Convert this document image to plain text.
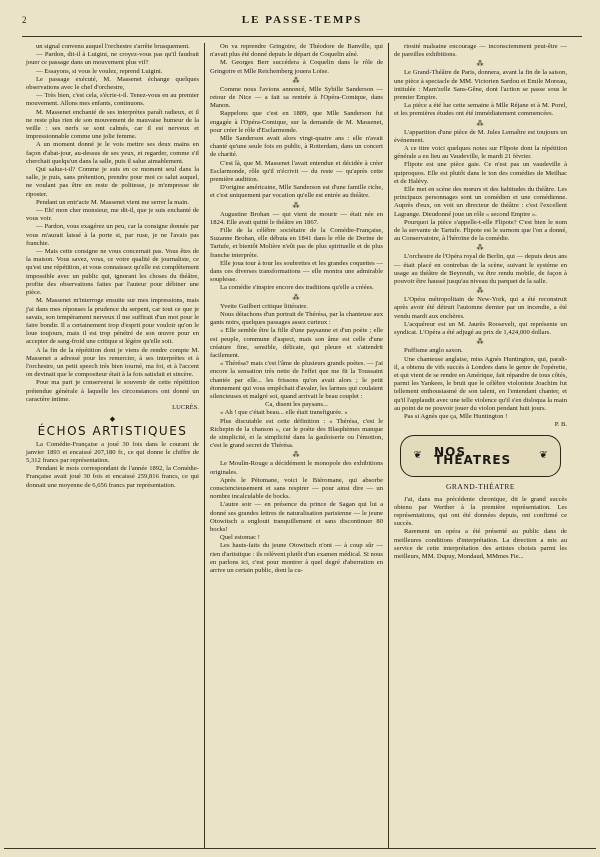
2	LE PASSE-TEMPS

un signal convenu auquel l'orchestre s'arrête brusquement.

— Pardon, dit-il à Luigini, ne croyez-vous pas qu'il faudrait jouer ce passage dans un mouvement plus vif?

— Essayons, si vous le voulez, reprend Luigini.

Le passage exécuté, M. Massenet échange quelques observations avec le chef d'orchestre,

— Très bien, c'est cela, s'écrie-t-il. Tenez-vous en au premier mouvement. Allons mes enfants, continuons.

M. Massenet enchanté de ses interprètes paraît radieux, et il ne reste plus rien de son mouvement de mauvaise humeur de la veille : ses nerfs se sont calmés, car il est nerveux et impressionnable comme une jolie femme.

A un moment donné je le vois mettre ses deux mains en façon d'abat-jour, au-dessus de ses yeux, et regarder, comme s'il cherchait quelqu'un dans la salle, puis il salue aimablement.

Qui salue-t-il? Comme je suis en ce moment seul dans la salle, je puis, sans prétention, prendre pour moi ce salut auquel, ne voulant pas être en reste de politesse, je m'empresse de riposter.

Pendant un entr'acte M. Massenet vient me serrer la main.

— Eh! mon cher monsieur, me dit-il, que je suis enchanté de vous voir.

— Pardon, vous exagérez un peu, car la consigne donnée par vous m'aurait laissé à la porte si, par ruse, je ne l'avais pas franchie.

— Mais cette consigne ne vous concernait pas. Vous êtes de la maison. Vous savez, vous, ce votre qualité de journaliste, ce qu'est une répétition, et vous connaissez qu'elle est complètement impossible avec un public qui, ignorant les choses du théâtre, profite des observations faites par l'auteur pour débiner une pièce.

M. Massenet m'interroge ensuite sur mes impressions, mais j'ai dans mes réponses la prudence du serpent, car tout ce que je savais, son tempérament nerveux il me suffirait d'un mot pour le faire bondir. Il a certainement trop d'esprit pour vouloir qu'on le loue toujours, mais il est trop pénétré de son œuvre pour en accepter de sang-froid une critique si légère qu'elle soit.

A la fin de la répétition dont je viens de rendre compte M. Massenet a adressé pour les remercier, à ses interprètes et à l'orchestre, un petit speech très bien tourné, ma foi, et à l'accent on devinait que le compositeur était à la fois satisfait et sincère.

Pour ma part je conserverai le souvenir de cette répétition prétendue générale à laquelle les circonstances ont donné un caractère intime.

LUCRÈS.
◆
ÉCHOS ARTISTIQUES

La Comédie-Française a joué 30 fois dans le courant de janvier 1893 et encaissé 207,180 fr., ce qui donne le chiffre de 5,312 francs par représentation.

Pendant le mois correspondant de l'année 1892, la Comédie-Française avait joué 30 fois et encaissé 259,816 francs, ce qui donnait une moyenne de 6,656 francs par représentation.

On va reprendre Gringoire, de Théodore de Banville, qui n'avait plus été donné depuis le départ de Coquelin aîné.

M. Georges Berr succédera à Coquelin dans le rôle de Gringoire et Mlle Reichemberg jouera Loïse.

⁂

Comme nous l'avions annoncé, Mlle Sybille Sanderson — retour de Nice — a fait sa rentrée à l'Opéra-Comique, dans Manon.

Rappelons que c'est en 1889, que Mlle Sanderson fut engagée à l'Opéra-Comique, sur la demande de M. Massenet, pour créer le rôle d'Esclarmonde.

Mlle Sanderson avait alors vingt-quatre ans : elle n'avait chanté qu'une seule fois en public, à Rotterdam, dans un concert de charité.

C'est là, que M. Massenet l'avait entendue et décidée à créer Esclarmonde, rôle qu'il n'écrivit — du reste — qu'après cette première audition.

D'origine américaine, Mlle Sanderson est d'une famille riche, et c'est uniquement par vocation qu'elle est entrée au théâtre.

⁂

Augustine Brohan — qui vient de mourir — était née en 1824. Elle avait quitté le théâtre en 1867.

Fille de la célèbre sociétaire de la Comédie-Française, Suzanne Brohan, elle débuta en 1841 dans le rôle de Dorine de Tartufe, et bientôt Molière n'eût pas de plus spirituelle et de plus franche interprète.

Elle joua tour à tour les soubrettes et les grandes coquettes — dans ces diverses transformations — elle montra une admirable souplesse.

La comédie s'inspire encore des traditions qu'elle a créées.

⁂

Yvette Guilbert critique littéraire.

Nous détachons d'un portrait de Thérésa, par la chanteuse aux gants noirs, quelques passages assez curieux :

« Elle semble être la fille d'une paysanne et d'un poète ; elle est peuple, commune d'aspect, mais son âme est celle d'une créature fine, sensible, délicate, qui pleure et s'attendrit facilement.

« Thérésa? mais c'est l'âme de plusieurs grands poètes. — j'ai encore la sensation très nette de l'effet que me fit la Toussaint chantée par elle... les frissons qu'on avait alors ; le petit étonnement qui vous empêchait d'avaler, les larmes qui coulaient silencieuses et malgré soi, quand arrivait le beau couplet :

Ca, disent les paysans...

« Ah ! que c'était beau... elle était transfigurée. »

Plus discutable est cette définition : « Thérésa, c'est le Richepin de la chanson », car le poète des Blasphèmes manque de simplicité, et la simplicité dans la gauloiserie ou l'émotion, c'est le grand secret de Thérésa.

⁂

Le Moulin-Rouge a décidément le monopole des exhibitions originales.

Après le Pétomane, voici le Biéromane, qui absorbe consciencieusement et sans respirer — pour ainsi dire — un nombre incalculable de bocks.

L'autre soir — en présence du prince de Sagan qui lui a donné ses grandes lettres de naturalisation parisienne — le jeune Otowitsch a englouti tranquillement et sans discontinuer 80 bocks!

Quel estomac !

Les hauts-faits du jeune Otowitsch n'ont — à coup sûr — rien d'artistique : ils relèvent plutôt d'un examen médical. Si nous en parlons ici, c'est pour montrer à quel degré d'aberration en arrive un certain public, dont la cu-

riosité malsaine encourage — inconsciemment peut-être — de pareilles exhibitions.

⁂

Le Grand-Théâtre de Paris, donnera, avant la fin de la saison, une pièce à spectacle de MM. Victorien Sardou et Emile Moreau, intitulée : Mam'zelle Sans-Gêne, dont l'action se passe sous le premier Empire.

La pièce a été lue cette semaine à Mlle Réjane et à M. Porel, et les premières études ont été immédiatement commencées.

⁂

L'apparition d'une pièce de M. Jules Lemaître est toujours un événement.

A ce titre voici quelques notes sur Flipote dont la répétition générale a eu lieu au Vaudeville, le mardi 21 février.

Flipote est une pièce gaie. Ce n'est pas un vaudeville à quiproquos. Elle est plutôt dans le ton des comédies de Meilhac et de Halévy.

Elle met en scène des mœurs et des habitudes du théâtre. Les principaux personnages sont un comédien et une comédienne. Auprès d'eux, on voit un directeur de théâtre : c'est l'excellent Lagrange. Dieudonné joue un rôle « second Empire ».

Pourquoi la pièce s'appelle-t-elle Flipote? C'est bien le nom de la servante de Tartufe. Flipote est le surnom que l'on a donné, au Conservatoire, à l'héroïne de la comédie.

⁂

L'orchestre de l'Opéra royal de Berlin, qui — depuis deux ans — était placé en contrebas de la scène, suivant le système en usage au théâtre de Beyreuth, va être rendu mobile, de façon à pouvoir être haussé jusqu'au niveau du parquet de la salle.

⁂

L'Opéra métropolitain de New-York, qui a été reconstruit après avoir été détruit l'automne dernier par un incendie, a été vendu mardi aux enchères.

L'acquéreur est un M. Jaurès Roosevelt, qui représente un syndicat. L'Opéra a été adjugé au prix de 1,424,000 dollars.

⁂

Puffisme anglo saxon.

Une chanteuse anglaise, miss Agnès Huntington, qui, paraît-il, a obtenu de vifs succès à Londres dans le genre de l'opérette, et qui vient de se rendre en Amérique, fait répandre de tous côtés, parmi les Yankees, le bruit que le célèbre violoniste Joachim fut tellement enthousiasmé de son talent, en l'entendant chanter, et qu'il l'applaudit avec une telle violence qu'il s'en disloqua la main au point de ne pouvoir jouer du violon pendant huit jours.

Pas si Agnès que ça, Mlle Huntington !

P. B.
❦	NOS THÉATRES	❦
GRAND-THÉATRE

J'ai, dans ma précédente chronique, dit le grand succès obtenu par Werther à la première représentation. Les représentations, qui ont été données depuis, ont confirmé ce succès.

Rarement un opéra a été présenté au public dans de meilleures conditions d'interprétation. La direction a mis au service de cette interprétation des artistes choisis parmi les meilleurs, MM. Dupuy, Mondaud, MMmes Fie...
